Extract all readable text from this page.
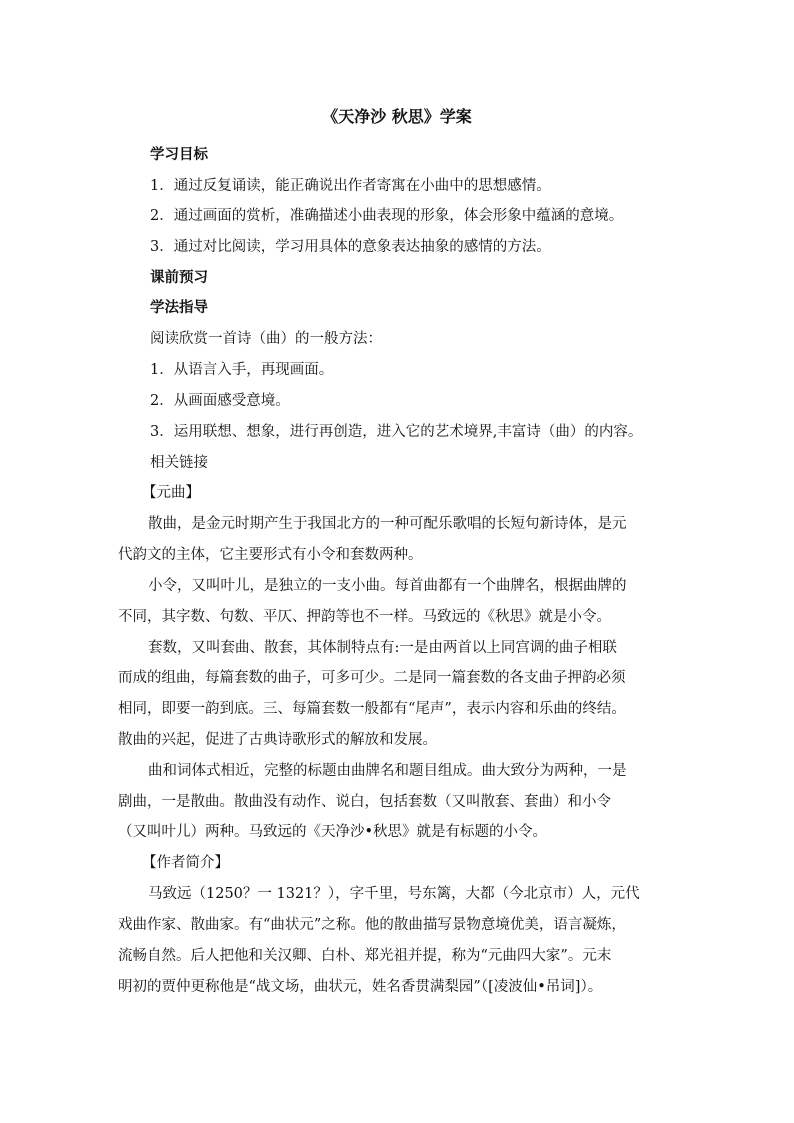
《天净沙 秋思》学案
学习目标
1．通过反复诵读，能正确说出作者寄寓在小曲中的思想感情。
2．通过画面的赏析，准确描述小曲表现的形象，体会形象中蕴涵的意境。
3．通过对比阅读，学习用具体的意象表达抽象的感情的方法。
课前预习
学法指导
阅读欣赏一首诗（曲）的一般方法：
1．从语言入手，再现画面。
2．从画面感受意境。
3．运用联想、想象，进行再创造，进入它的艺术境界,丰富诗（曲）的内容。
相关链接
【元曲】
散曲，是金元时期产生于我国北方的一种可配乐歌唱的长短句新诗体，是元
代韵文的主体，它主要形式有小令和套数两种。
小令，又叫叶儿，是独立的一支小曲。每首曲都有一个曲牌名，根据曲牌的
不同，其字数、句数、平仄、押韵等也不一样。马致远的《秋思》就是小令。
套数，又叫套曲、散套，其体制特点有:一是由两首以上同宫调的曲子相联
而成的组曲，每篇套数的曲子，可多可少。二是同一篇套数的各支曲子押韵必须
相同，即要一韵到底。三、每篇套数一般都有“尾声”，表示内容和乐曲的终结。
散曲的兴起，促进了古典诗歌形式的解放和发展。
曲和词体式相近，完整的标题由曲牌名和题目组成。曲大致分为两种，一是
剧曲，一是散曲。散曲没有动作、说白，包括套数（又叫散套、套曲）和小令
（又叫叶儿）两种。马致远的《天净沙•秋思》就是有标题的小令。
【作者简介】
马致远（1250？一 1321？），字千里，号东篱，大都（今北京市）人，元代
戏曲作家、散曲家。有“曲状元”之称。他的散曲描写景物意境优美，语言凝炼，
流畅自然。后人把他和关汉卿、白朴、郑光祖并提，称为“元曲四大家”。元末
明初的贾仲更称他是“战文场，曲状元，姓名香贯满梨园”（[凌波仙•吊词]）。
